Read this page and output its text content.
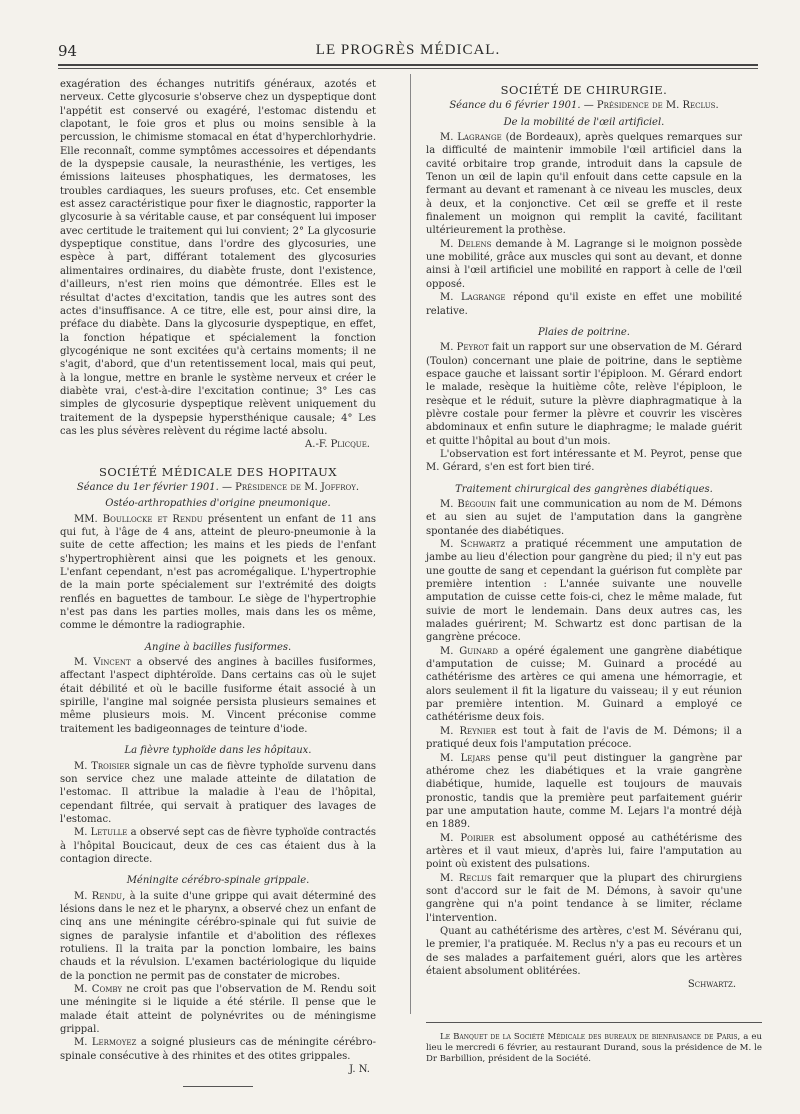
94	LE PROGRÈS MÉDICAL.

exagération des échanges nutritifs généraux, azotés et nerveux. Cette glycosurie s'observe chez un dyspeptique dont l'appétit est conservé ou exagéré, l'estomac distendu et clapotant, le foie gros et plus ou moins sensible à la percussion, le chimisme stomacal en état d'hyperchlorhydrie. Elle reconnaît, comme symptômes accessoires et dépendants de la dyspepsie causale, la neurasthénie, les vertiges, les émissions laiteuses phosphatiques, les dermatoses, les troubles cardiaques, les sueurs profuses, etc. Cet ensemble est assez caractéristique pour fixer le diagnostic, rapporter la glycosurie à sa véritable cause, et par conséquent lui imposer avec certitude le traitement qui lui convient; 2° La glycosurie dyspeptique constitue, dans l'ordre des glycosuries, une espèce à part, différant totalement des glycosuries alimentaires ordinaires, du diabète fruste, dont l'existence, d'ailleurs, n'est rien moins que démontrée. Elles est le résultat d'actes d'excitation, tandis que les autres sont des actes d'insuffisance. A ce titre, elle est, pour ainsi dire, la préface du diabète. Dans la glycosurie dyspeptique, en effet, la fonction hépatique et spécialement la fonction glycogénique ne sont excitées qu'à certains moments; il ne s'agit, d'abord, que d'un retentissement local, mais qui peut, à la longue, mettre en branle le système nerveux et créer le diabète vrai, c'est-à-dire l'excitation continue; 3° Les cas simples de glycosurie dyspeptique relèvent uniquement du traitement de la dyspepsie hypersthénique causale; 4° Les cas les plus sévères relèvent du régime lacté absolu.

A.-F. Plicque.

SOCIÉTÉ MÉDICALE DES HOPITAUX

Séance du 1er février 1901. — Présidence de M. Joffroy.

Ostéo-arthropathies d'origine pneumonique.

MM. Boullocke et Rendu présentent un enfant de 11 ans qui fut, à l'âge de 4 ans, atteint de pleuro-pneumonie à la suite de cette affection; les mains et les pieds de l'enfant s'hypertrophièrent ainsi que les poignets et les genoux. L'enfant cependant, n'est pas acromégalique. L'hypertrophie de la main porte spécialement sur l'extrémité des doigts renflés en baguettes de tambour. Le siège de l'hypertrophie n'est pas dans les parties molles, mais dans les os même, comme le démontre la radiographie.

Angine à bacilles fusiformes.

M. Vincent a observé des angines à bacilles fusiformes, affectant l'aspect diphtéroïde. Dans certains cas où le sujet était débilité et où le bacille fusiforme était associé à un spirille, l'angine mal soignée persista plusieurs semaines et même plusieurs mois. M. Vincent préconise comme traitement les badigeonnages de teinture d'iode.

La fièvre typhoïde dans les hôpitaux.

M. Troisier signale un cas de fièvre typhoïde survenu dans son service chez une malade atteinte de dilatation de l'estomac. Il attribue la maladie à l'eau de l'hôpital, cependant filtrée, qui servait à pratiquer des lavages de l'estomac.

M. Letulle a observé sept cas de fièvre typhoïde contractés à l'hôpital Boucicaut, deux de ces cas étaient dus à la contagion directe.

Méningite cérébro-spinale grippale.

M. Rendu, à la suite d'une grippe qui avait déterminé des lésions dans le nez et le pharynx, a observé chez un enfant de cinq ans une méningite cérébro-spinale qui fut suivie de signes de paralysie infantile et d'abolition des réflexes rotuliens. Il la traita par la ponction lombaire, les bains chauds et la révulsion. L'examen bactériologique du liquide de la ponction ne permit pas de constater de microbes.

M. Comby ne croit pas que l'observation de M. Rendu soit une méningite si le liquide a été stérile. Il pense que le malade était atteint de polynévrites ou de méningisme grippal.

M. Lermoyez a soigné plusieurs cas de méningite cérébro-spinale consécutive à des rhinites et des otites grippales.

J. N.

SOCIÉTÉ DE CHIRURGIE.

Séance du 6 février 1901. — Présidence de M. Reclus.

De la mobilité de l'œil artificiel.

M. Lagrange (de Bordeaux), après quelques remarques sur la difficulté de maintenir immobile l'œil artificiel dans la cavité orbitaire trop grande, introduit dans la capsule de Tenon un œil de lapin qu'il enfouit dans cette capsule en la fermant au devant et ramenant à ce niveau les muscles, deux à deux, et la conjonctive. Cet œil se greffe et il reste finalement un moignon qui remplit la cavité, facilitant ultérieurement la prothèse.

M. Delens demande à M. Lagrange si le moignon possède une mobilité, grâce aux muscles qui sont au devant, et donne ainsi à l'œil artificiel une mobilité en rapport à celle de l'œil opposé.

M. Lagrange répond qu'il existe en effet une mobilité relative.

Plaies de poitrine.

M. Peyrot fait un rapport sur une observation de M. Gérard (Toulon) concernant une plaie de poitrine, dans le septième espace gauche et laissant sortir l'épiploon. M. Gérard endort le malade, resèque la huitième côte, relève l'épiploon, le resèque et le réduit, suture la plèvre diaphragmatique à la plèvre costale pour fermer la plèvre et couvrir les viscères abdominaux et enfin suture le diaphragme; le malade guérit et quitte l'hôpital au bout d'un mois.

L'observation est fort intéressante et M. Peyrot, pense que M. Gérard, s'en est fort bien tiré.

Traitement chirurgical des gangrènes diabétiques.

M. Bégouin fait une communication au nom de M. Démons et au sien au sujet de l'amputation dans la gangrène spontanée des diabétiques.

M. Schwartz a pratiqué récemment une amputation de jambe au lieu d'élection pour gangrène du pied; il n'y eut pas une goutte de sang et cependant la guérison fut complète par première intention : L'année suivante une nouvelle amputation de cuisse cette fois-ci, chez le même malade, fut suivie de mort le lendemain. Dans deux autres cas, les malades guérirent; M. Schwartz est donc partisan de la gangrène précoce.

M. Guinard a opéré également une gangrène diabétique d'amputation de cuisse; M. Guinard a procédé au cathétérisme des artères ce qui amena une hémorragie, et alors seulement il fit la ligature du vaisseau; il y eut réunion par première intention. M. Guinard a employé ce cathétérisme deux fois.

M. Reynier est tout à fait de l'avis de M. Démons; il a pratiqué deux fois l'amputation précoce.

M. Lejars pense qu'il peut distinguer la gangrène par athérome chez les diabétiques et la vraie gangrène diabétique, humide, laquelle est toujours de mauvais pronostic, tandis que la première peut parfaitement guérir par une amputation haute, comme M. Lejars l'a montré déjà en 1889.

M. Poirier est absolument opposé au cathétérisme des artères et il vaut mieux, d'après lui, faire l'amputation au point où existent des pulsations.

M. Reclus fait remarquer que la plupart des chirurgiens sont d'accord sur le fait de M. Démons, à savoir qu'une gangrène qui n'a point tendance à se limiter, réclame l'intervention.

Quant au cathétérisme des artères, c'est M. Sévéranu qui, le premier, l'a pratiquée. M. Reclus n'y a pas eu recours et un de ses malades a parfaitement guéri, alors que les artères étaient absolument oblitérées.

Schwartz.

Le Banquet de la Société Médicale des bureaux de bienfaisance de Paris, a eu lieu le mercredi 6 février, au restaurant Durand, sous la présidence de M. le Dr Barbillion, président de la Société.
